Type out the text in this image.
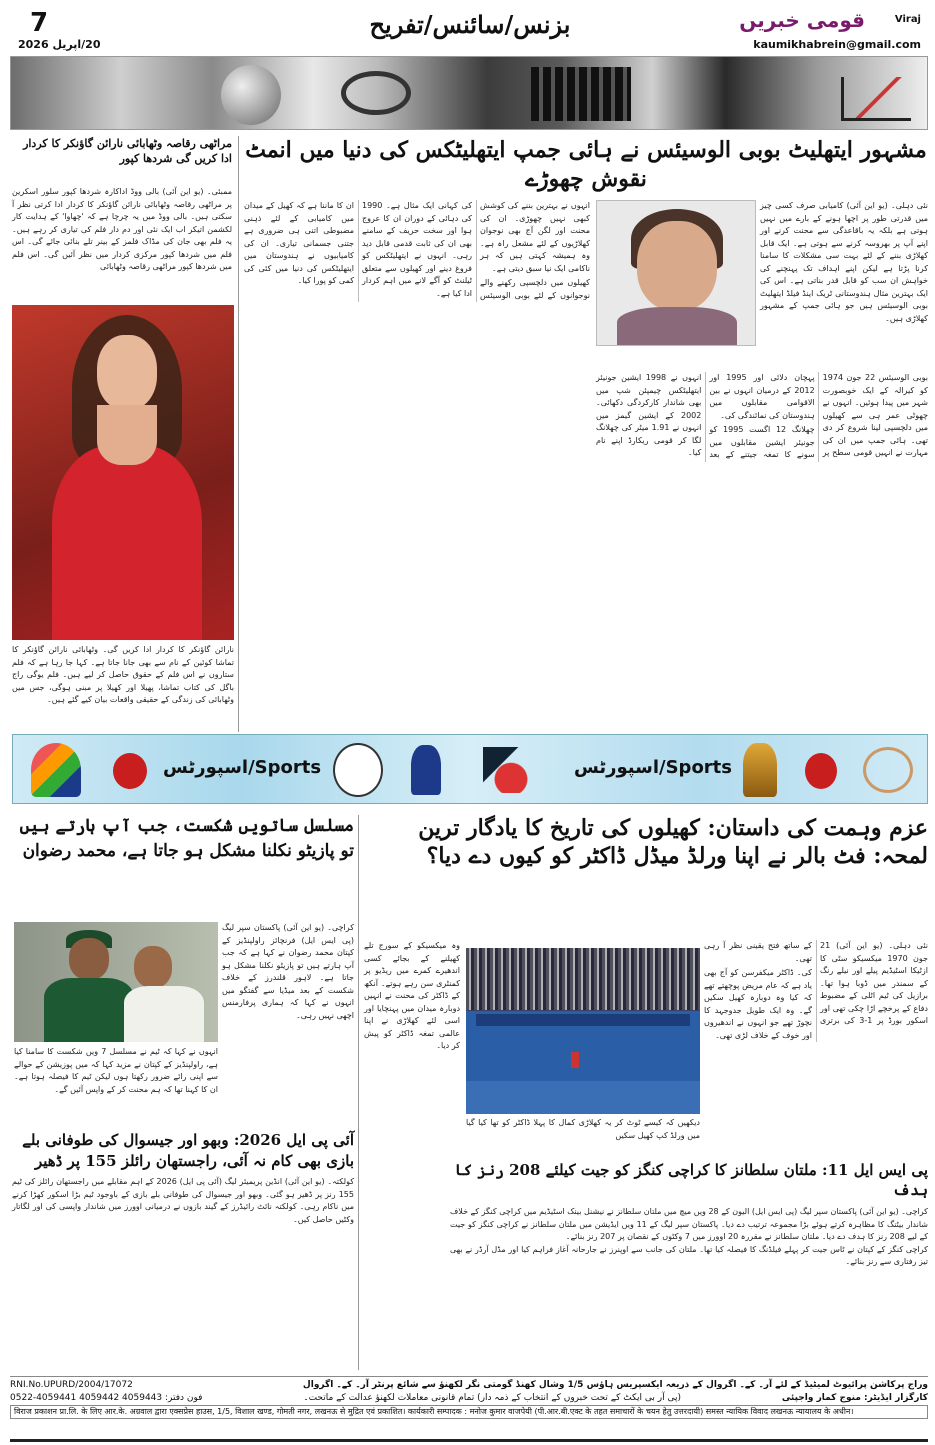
7
20/اپریل 2026
بزنس/سائنس/تفریح	قومی خبریں	Viraj
kaumikhabrein@gmail.com
مراٹھی رقاصہ وٹھابائی نارائن گاؤنکر کا کردار ادا کریں گی شردھا کپور

ممبئی۔ (یو این آئی) بالی ووڈ اداکارہ شردھا کپور سلور اسکرین پر مراٹھی رقاصہ وٹھابائی نارائن گاؤنکر کا کردار ادا کرتی نظر آ سکتی ہیں۔ بالی ووڈ میں یہ چرچا ہے کہ 'چھاوا' کے ہدایت کار لکشمن اتیکر اب ایک نئی اور دم دار فلم کی تیاری کر رہے ہیں۔ یہ فلم بھی جان کی مڈاک فلمز کے بینر تلے بنائی جائے گی۔ اس فلم میں شردھا کپور مرکزی کردار میں نظر آئیں گی۔ اس فلم میں شردھا کپور مراٹھی رقاصہ وٹھابائی

نارائن گاؤنکر کا کردار ادا کریں گی۔ وٹھابائی نارائن گاؤنکر کا تماشا کوئین کے نام سے بھی جانا جاتا ہے۔ کہا جا رہا ہے کہ فلم ستاروں نے اس فلم کے حقوق حاصل کر لیے ہیں۔ فلم یوگی راج باگل کی کتاب تماشا، پھیلا اور کھیلا پر مبنی ہوگی، جس میں وٹھابائی کی زندگی کے حقیقی واقعات بیان کیے گئے ہیں۔
مشہور ایتھلیٹ بوبی الوسیئس نے ہائی جمپ ایتھلیٹکس کی دنیا میں انمٹ نقوش چھوڑے

نئی دہلی۔ (یو این آئی) کامیابی صرف کسی چیز میں قدرتی طور پر اچھا ہونے کے بارے میں نہیں ہوتی ہے بلکہ یہ باقاعدگی سے محنت کرنے اور اپنے آپ پر بھروسہ کرنے سے ہوتی ہے۔ ایک قابل کھلاڑی بننے کے لئے بہت سی مشکلات کا سامنا کرنا پڑتا ہے لیکن اپنے اہداف تک پہنچنے کی خواہش ان سب کو قابل قدر بناتی ہے۔ اس کی ایک بہترین مثال ہندوستانی ٹریک اینڈ فیلڈ ایتھلیٹ بوبی الوسیئس ہیں جو ہائی جمپ کے مشہور کھلاڑی ہیں۔

انہوں نے بہترین بننے کی کوشش کبھی نہیں چھوڑی۔ ان کی محنت اور لگن آج بھی نوجوان کھلاڑیوں کے لئے مشعل راہ ہے۔ وہ ہمیشہ کہتی ہیں کہ ہر ناکامی ایک نیا سبق دیتی ہے۔

کھیلوں میں دلچسپی رکھنے والے نوجوانوں کے لئے بوبی الوسیئس کی کہانی ایک مثال ہے۔ 1990 کی دہائی کے دوران ان کا عروج ہوا اور سخت حریف کے سامنے بھی ان کی ثابت قدمی قابل دید رہی۔ انہوں نے ایتھلیٹکس کو فروغ دینے اور کھیلوں سے متعلق ٹیلنٹ کو آگے لانے میں اہم کردار ادا کیا ہے۔

ان کا ماننا ہے کہ کھیل کے میدان میں کامیابی کے لئے ذہنی مضبوطی اتنی ہی ضروری ہے جتنی جسمانی تیاری۔ ان کی کامیابیوں نے ہندوستان میں ایتھلیٹکس کی دنیا میں کئی کی کمی کو پورا کیا۔

بوبی الوسیئس 22 جون 1974 کو کیرالہ کے ایک خوبصورت شہر میں پیدا ہوئیں۔ انہوں نے چھوٹی عمر ہی سے کھیلوں میں دلچسپی لینا شروع کر دی تھی۔ ہائی جمپ میں ان کی مہارت نے انہیں قومی سطح پر پہچان دلائی اور 1995 اور 2012 کے درمیان انہوں نے بین الاقوامی مقابلوں میں ہندوستان کی نمائندگی کی۔

چھلانگ 12 اگست 1995 کو جونیئر ایشین مقابلوں میں سونے کا تمغہ جیتنے کے بعد انہوں نے 1998 ایشین جونیئر ایتھلیٹکس چیمپئن شپ میں بھی شاندار کارکردگی دکھائی۔ 2002 کے ایشین گیمز میں انہوں نے 1.91 میٹر کی چھلانگ لگا کر قومی ریکارڈ اپنے نام کیا۔

اسپورٹس/Sports
اسپورٹس/Sports
عزم وہمت کی داستان: کھیلوں کی تاریخ کا یادگار ترین
لمحہ: فٹ بالر نے اپنا ورلڈ میڈل ڈاکٹر کو کیوں دے دیا؟

نئی دہلی۔ (یو این آئی) 21 جون 1970 میکسیکو سٹی کا ازٹیکا اسٹیڈیم پیلے اور نیلے رنگ کے سمندر میں ڈوبا ہوا تھا۔ برازیل کی ٹیم اٹلی کے مضبوط دفاع کے پرخچے اڑا چکی تھی اور اسکور بورڈ پر 1-3 کی برتری کے ساتھ فتح یقینی نظر آ رہی تھی۔

کی۔ ڈاکٹر میکفرسن کو آج بھی یاد ہے کہ عام مریض پوچھتے تھے کہ کیا وہ دوبارہ کھیل سکیں گے۔ وہ ایک طویل جدوجہد کا نچوڑ تھے جو انہوں نے اندھیروں اور خوف کے خلاف لڑی تھی۔

دیکھیں کہ کیسے ٹوٹ کر یہ کھلاڑی کمال کا پہلا ڈاکٹر کو تھا کیا گیا میں ورلڈ کپ کھیل سکیں

وہ میکسیکو کے سورج تلے کھیلنے کے بجائے کسی اندھیرے کمرے میں ریڈیو پر کمنٹری سن رہے ہوتے۔ آنکھ کے ڈاکٹر کی محنت نے انہیں دوبارہ میدان میں پہنچایا اور اسی لئے کھلاڑی نے اپنا عالمی تمغہ ڈاکٹر کو پیش کر دیا۔

پی ایس ایل 11: ملتان سلطانز کا کراچی کنگز کو جیت کیلئے 208 رنز کا ہدف

کراچی۔ (یو این آئی) پاکستان سپر لیگ (پی ایس ایل) الیون کے 28 ویں میچ میں ملتان سلطانز نے نیشنل بینک اسٹیڈیم میں کراچی کنگز کے خلاف شاندار بیٹنگ کا مظاہرہ کرتے ہوئے بڑا مجموعہ ترتیب دے دیا۔ پاکستان سپر لیگ کے 11 ویں ایڈیشن میں ملتان سلطانز نے کراچی کنگز کو جیت کے لیے 208 رنز کا ہدف دے دیا۔ ملتان سلطانز نے مقررہ 20 اوورز میں 7 وکٹوں کے نقصان پر 207 رنز بنائے۔

کراچی کنگز کے کپتان نے ٹاس جیت کر پہلے فیلڈنگ کا فیصلہ کیا تھا۔ ملتان کی جانب سے اوپنرز نے جارحانہ آغاز فراہم کیا اور مڈل آرڈر نے بھی تیز رفتاری سے رنز بنائے۔

مسلسل ساتویں شکست، جب آپ ہارتے ہیں
تو پازیٹو نکلنا مشکل ہو جاتا ہے، محمد رضوان

کراچی۔ (یو این آئی) پاکستان سپر لیگ (پی ایس ایل) فرنچائز راولپنڈیز کے کپتان محمد رضوان نے کہا ہے کہ جب آپ ہارتے ہیں تو پازیٹو نکلنا مشکل ہو جاتا ہے۔ لاہور قلندرز کے خلاف شکست کے بعد میڈیا سے گفتگو میں انہوں نے کہا کہ ہماری پرفارمنس اچھی نہیں رہی۔

انہوں نے کہا کہ ٹیم نے مسلسل 7 ویں شکست کا سامنا کیا ہے، راولپنڈیز کے کپتان نے مزید کہا کہ میں پوزیشن کے حوالے سے اپنی رائے ضرور رکھتا ہوں لیکن ٹیم کا فیصلہ ہوتا ہے۔ ان کا کہنا تھا کہ ہم محنت کر کے واپس آئیں گے۔

آئی پی ایل 2026: وبھو اور جیسوال کی طوفانی بلے
بازی بھی کام نہ آئی، راجستھان رائلز 155 پر ڈھیر

کولکتہ۔ (یو این آئی) انڈین پریمیئر لیگ (آئی پی ایل) 2026 کے اہم مقابلے میں راجستھان رائلز کی ٹیم 155 رنز پر ڈھیر ہو گئی۔ وبھو اور جیسوال کی طوفانی بلے بازی کے باوجود ٹیم بڑا اسکور کھڑا کرنے میں ناکام رہی۔ کولکتہ نائٹ رائیڈرز کے گیند بازوں نے درمیانی اوورز میں شاندار واپسی کی اور لگاتار وکٹیں حاصل کیں۔

RNI.No.UPURD/2004/17072	وراج پرکاشن پرائیوٹ لمیٹیڈ کے لئے آر۔ کے۔ اگروال کے ذریعہ ایکسپریس ہاؤس 1/5 وشال کھنڈ گومتی نگر لکھنؤ سے شائع پرنٹر آر۔ کے۔ اگروال
کارگزار ایڈیٹر: منوج کمار واجپئی
(پی آر بی ایکٹ کے تحت خبروں کے انتخاب کے ذمہ دار) تمام قانونی معاملات لکھنؤ عدالت کے ماتحت۔
فون دفتر: 0522-4059441 4059442 4059443
विराज प्रकाशन प्रा.लि. के लिए आर.के. अग्रवाल द्वारा एक्सप्रेस हाउस, 1/5, विशाल खण्ड, गोमती नगर, लखनऊ से मुद्रित एवं प्रकाशित। कार्यकारी सम्पादक : मनोज कुमार वाजपेयी (पी.आर.बी.एक्ट के तहत समाचारों के चयन हेतु उत्तरदायी) समस्त न्यायिक विवाद लखनऊ न्यायालय के अधीन।
